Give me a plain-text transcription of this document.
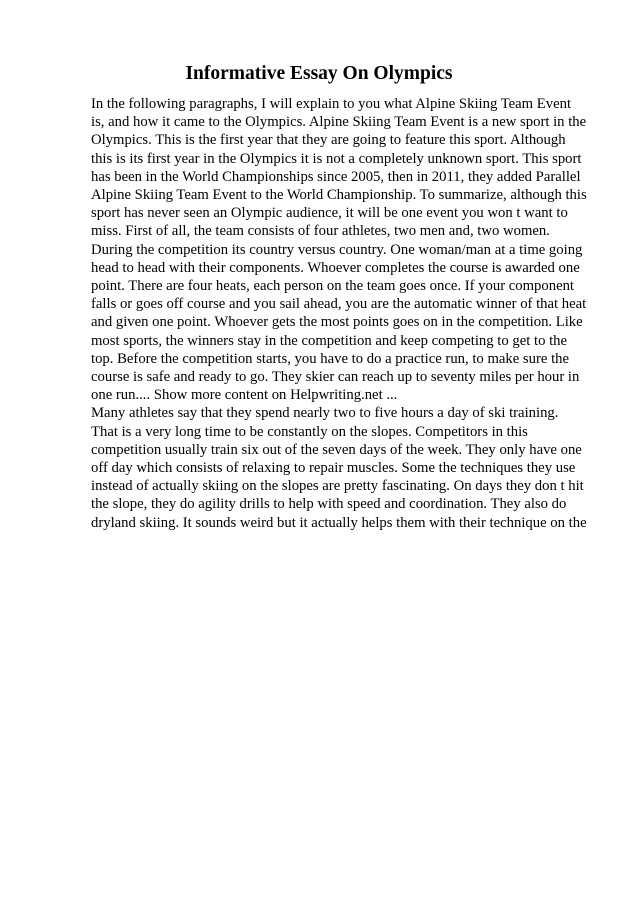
Informative Essay On Olympics
In the following paragraphs, I will explain to you what Alpine Skiing Team Event
is, and how it came to the Olympics. Alpine Skiing Team Event is a new sport in the
Olympics. This is the first year that they are going to feature this sport. Although
this is its first year in the Olympics it is not a completely unknown sport. This sport
has been in the World Championships since 2005, then in 2011, they added Parallel
Alpine Skiing Team Event to the World Championship. To summarize, although this
sport has never seen an Olympic audience, it will be one event you won t want to
miss. First of all, the team consists of four athletes, two men and, two women.
During the competition its country versus country. One woman/man at a time going
head to head with their components. Whoever completes the course is awarded one
point. There are four heats, each person on the team goes once. If your component
falls or goes off course and you sail ahead, you are the automatic winner of that heat
and given one point. Whoever gets the most points goes on in the competition. Like
most sports, the winners stay in the competition and keep competing to get to the
top. Before the competition starts, you have to do a practice run, to make sure the
course is safe and ready to go. They skier can reach up to seventy miles per hour in
one run.... Show more content on Helpwriting.net ...
Many athletes say that they spend nearly two to five hours a day of ski training.
That is a very long time to be constantly on the slopes. Competitors in this
competition usually train six out of the seven days of the week. They only have one
off day which consists of relaxing to repair muscles. Some the techniques they use
instead of actually skiing on the slopes are pretty fascinating. On days they don t hit
the slope, they do agility drills to help with speed and coordination. They also do
dryland skiing. It sounds weird but it actually helps them with their technique on the
